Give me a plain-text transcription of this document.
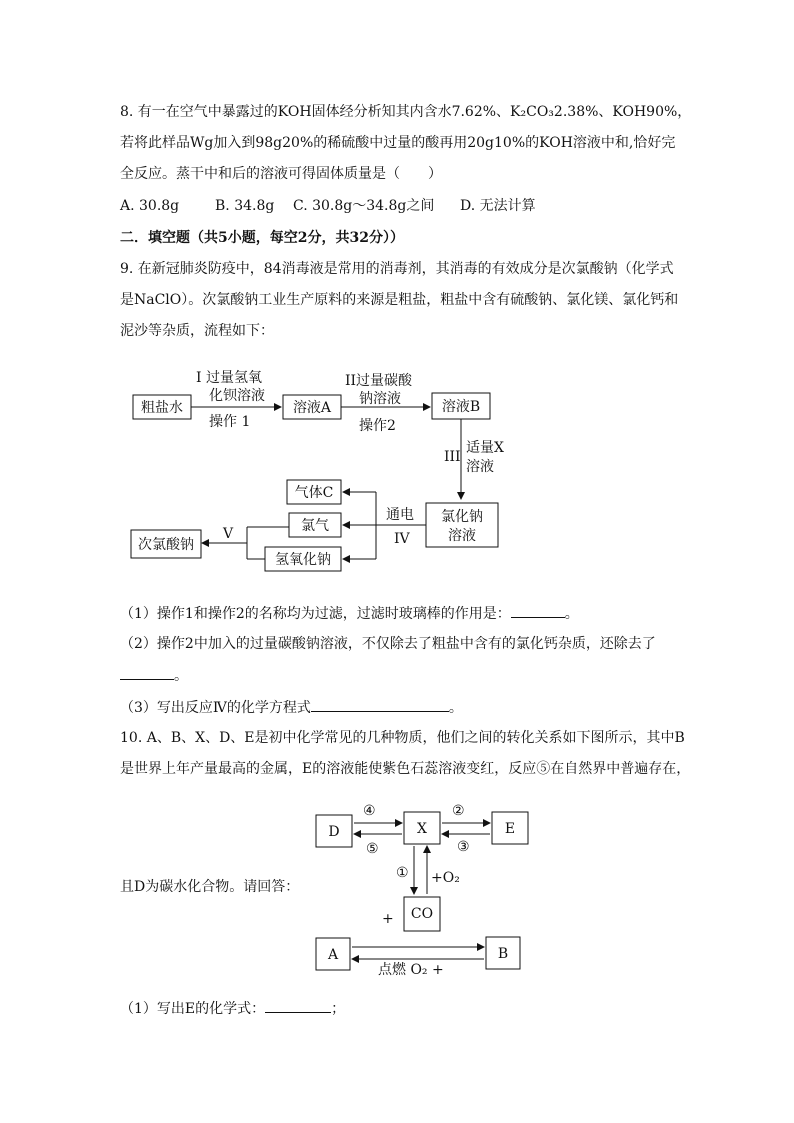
8. 有一在空气中暴露过的KOH固体经分析知其内含水7.62%、K₂CO₃2.38%、KOH90%，
若将此样品Wg加入到98g20%的稀硫酸中过量的酸再用20g10%的KOH溶液中和,恰好完
全反应。蒸干中和后的溶液可得固体质量是（　　）
A. 30.8g	B. 34.8g C. 30.8g～34.8g之间 D. 无法计算
二．填空题（共5小题，每空2分，共32分））
9. 在新冠肺炎防疫中，84消毒液是常用的消毒剂，其消毒的有效成分是次氯酸钠（化学式
是NaClO）。次氯酸钠工业生产原料的来源是粗盐，粗盐中含有硫酸钠、氯化镁、氯化钙和
泥沙等杂质，流程如下：
粗盐水
I 过量氢氧
化钡溶液
操作 1
溶液A
II过量碳酸
钠溶液
操作2
溶液B
III
适量X
溶液
氯化钠
溶液
通电
IV
气体C
氯气
氢氧化钠
V
次氯酸钠
（1）操作1和操作2的名称均为过滤，过滤时玻璃棒的作用是：	。
（2）操作2中加入的过量碳酸钠溶液，不仅除去了粗盐中含有的氯化钙杂质，还除去了
。
（3）写出反应Ⅳ的化学方程式	。
10. A、B、X、D、E是初中化学常见的几种物质，他们之间的转化关系如下图所示，其中B
是世界上年产量最高的金属，E的溶液能使紫色石蕊溶液变红，反应⑤在自然界中普遍存在，
且D为碳水化合物。请回答：
D	X	E
④
⑤
②
③
① +O₂
CO
+
A	B
点燃 O₂ +
（1）写出E的化学式：	；
